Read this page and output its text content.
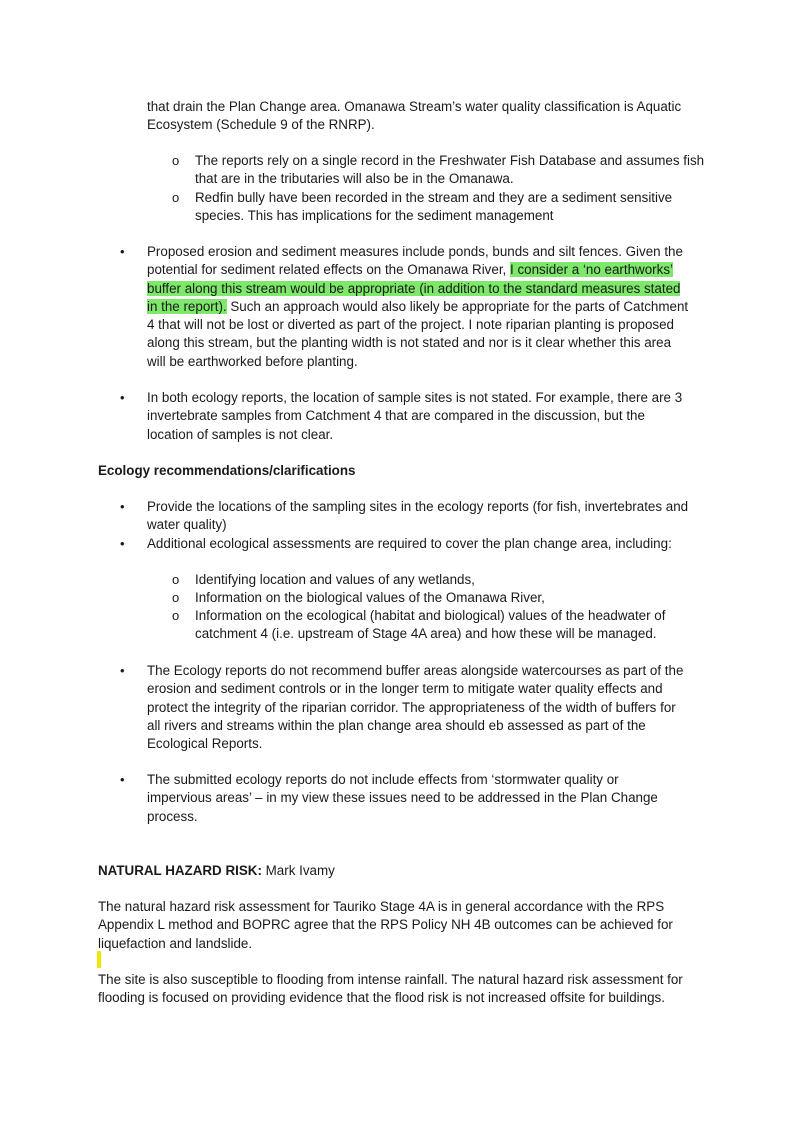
that drain the Plan Change area. Omanawa Stream’s water quality classification is Aquatic

Ecosystem (Schedule 9 of the RNRP).

o The reports rely on a single record in the Freshwater Fish Database and assumes fish

that are in the tributaries will also be in the Omanawa.

o Redfin bully have been recorded in the stream and they are a sediment sensitive

species. This has implications for the sediment management

• Proposed erosion and sediment measures include ponds, bunds and silt fences. Given the

potential for sediment related effects on the Omanawa River, I consider a ‘no earthworks’

buffer along this stream would be appropriate (in addition to the standard measures stated

in the report). Such an approach would also likely be appropriate for the parts of Catchment

4 that will not be lost or diverted as part of the project. I note riparian planting is proposed

along this stream, but the planting width is not stated and nor is it clear whether this area

will be earthworked before planting.

• In both ecology reports, the location of sample sites is not stated. For example, there are 3

invertebrate samples from Catchment 4 that are compared in the discussion, but the

location of samples is not clear.

Ecology recommendations/clarifications
• Provide the locations of the sampling sites in the ecology reports (for fish, invertebrates and

water quality)

• Additional ecological assessments are required to cover the plan change area, including:

o Identifying location and values of any wetlands,

o Information on the biological values of the Omanawa River,

o Information on the ecological (habitat and biological) values of the headwater of

catchment 4 (i.e. upstream of Stage 4A area) and how these will be managed.

• The Ecology reports do not recommend buffer areas alongside watercourses as part of the

erosion and sediment controls or in the longer term to mitigate water quality effects and

protect the integrity of the riparian corridor. The appropriateness of the width of buffers for

all rivers and streams within the plan change area should eb assessed as part of the

Ecological Reports.

• The submitted ecology reports do not include effects from ‘stormwater quality or

impervious areas’ – in my view these issues need to be addressed in the Plan Change

process.

NATURAL HAZARD RISK: Mark Ivamy

The natural hazard risk assessment for Tauriko Stage 4A is in general accordance with the RPS

Appendix L method and BOPRC agree that the RPS Policy NH 4B outcomes can be achieved for

liquefaction and landslide.

The site is also susceptible to flooding from intense rainfall. The natural hazard risk assessment for

flooding is focused on providing evidence that the flood risk is not increased offsite for buildings.
